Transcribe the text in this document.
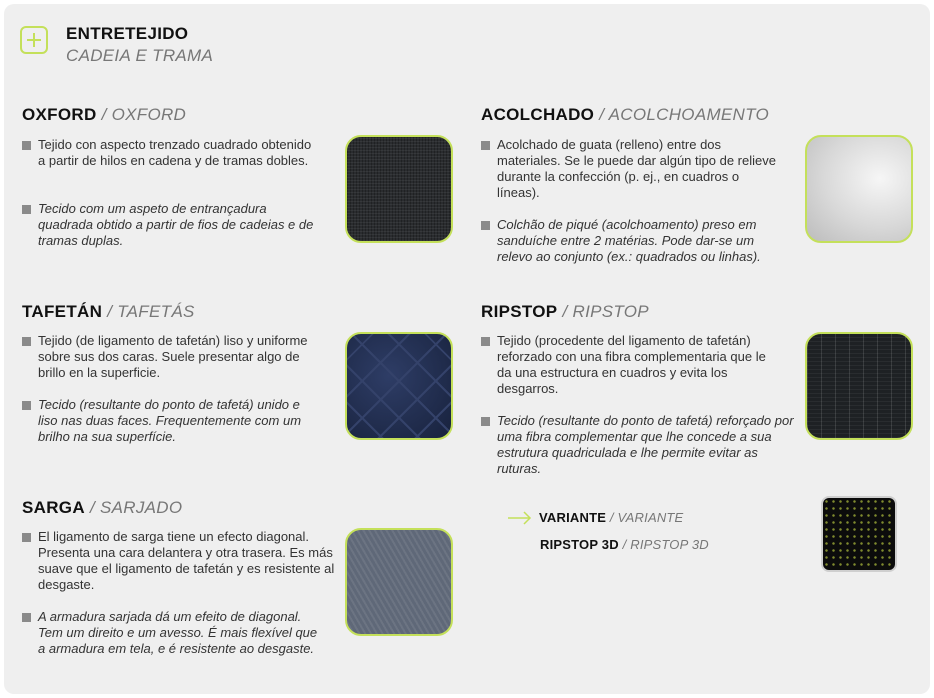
ENTRETEJIDO
CADEIA E TRAMA
OXFORD / OXFORD
Tejido con aspecto trenzado cuadrado obtenido a partir de hilos en cadena y de tramas dobles.
Tecido com um aspeto de entrançadura quadrada obtido a partir de fios de cadeias e de tramas duplas.
ACOLCHADO / ACOLCHOAMENTO
Acolchado de guata (relleno) entre dos materiales. Se le puede dar algún tipo de relieve durante la confección (p. ej., en cuadros o líneas).
Colchão de piqué (acolchoamento) preso em sanduíche entre 2 matérias. Pode dar-se um relevo ao conjunto (ex.: quadrados ou linhas).
TAFETÁN / TAFETÁS
Tejido (de ligamento de tafetán) liso y uniforme sobre sus dos caras. Suele presentar algo de brillo en la superficie.
Tecido (resultante do ponto de tafetá) unido e liso nas duas faces. Frequentemente com um brilho na sua superfície.
RIPSTOP / RIPSTOP
Tejido (procedente del ligamento de tafetán) reforzado con una fibra complementaria que le da una estructura en cuadros y evita los desgarros.
Tecido (resultante do ponto de tafetá) reforçado por uma fibra complementar que lhe concede a sua estrutura quadriculada e lhe permite evitar as ruturas.
SARGA / SARJADO
El ligamento de sarga tiene un efecto diagonal. Presenta una cara delantera y otra trasera. Es más suave que el ligamento de tafetán y es resistente al desgaste.
A armadura sarjada dá um efeito de diagonal. Tem um direito e um avesso. É mais flexível que a armadura em tela, e é resistente ao desgaste.
VARIANTE / VARIANTE
RIPSTOP 3D / RIPSTOP 3D
